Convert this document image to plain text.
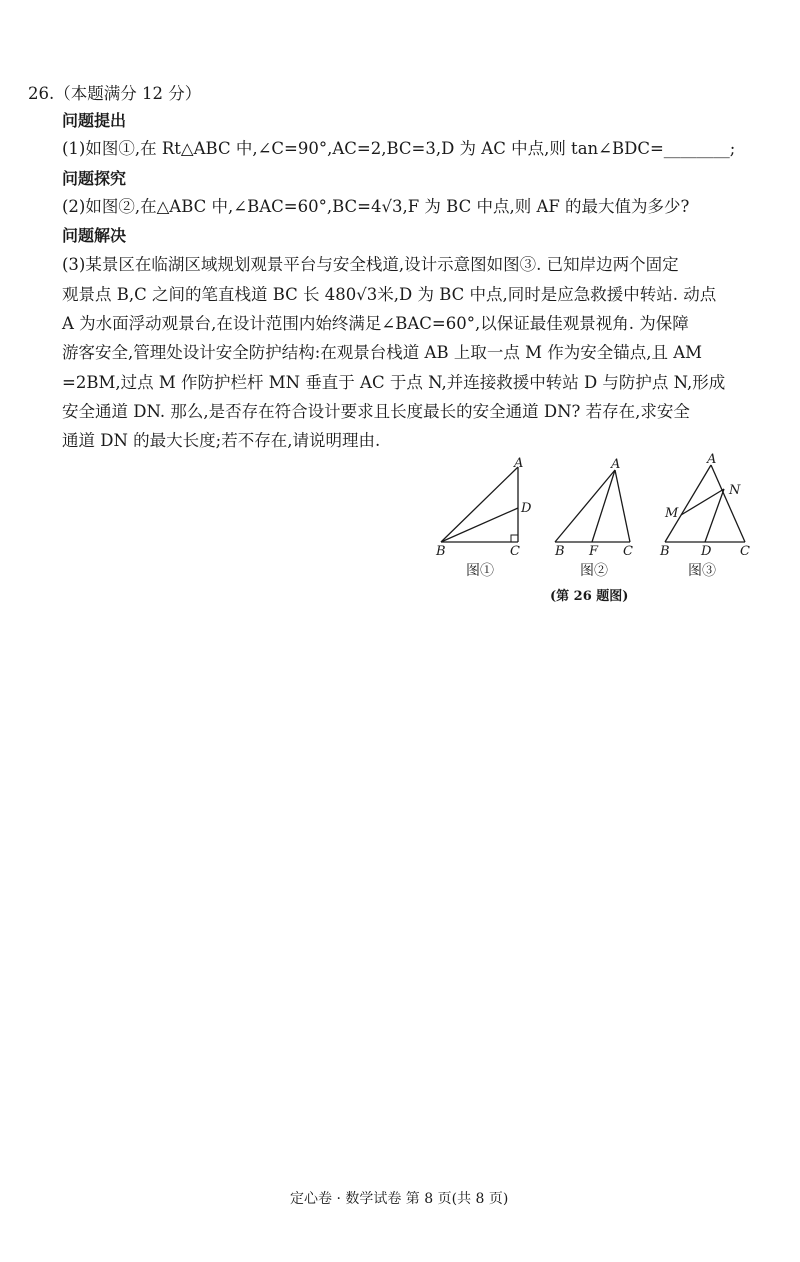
26.（本题满分 12 分）
问题提出
(1)如图①,在 Rt△ABC 中,∠C=90°,AC=2,BC=3,D 为 AC 中点,则 tan∠BDC=________;
问题探究
(2)如图②,在△ABC 中,∠BAC=60°,BC=4√3,F 为 BC 中点,则 AF 的最大值为多少?
问题解决
(3)某景区在临湖区域规划观景平台与安全栈道,设计示意图如图③. 已知岸边两个固定
观景点 B,C 之间的笔直栈道 BC 长 480√3米,D 为 BC 中点,同时是应急救援中转站. 动点
A 为水面浮动观景台,在设计范围内始终满足∠BAC=60°,以保证最佳观景视角. 为保障
游客安全,管理处设计安全防护结构:在观景台栈道 AB 上取一点 M 作为安全锚点,且 AM
=2BM,过点 M 作防护栏杆 MN 垂直于 AC 于点 N,并连接救援中转站 D 与防护点 N,形成
安全通道 DN. 那么,是否存在符合设计要求且长度最长的安全通道 DN? 若存在,求安全
通道 DN 的最大长度;若不存在,请说明理由.
A
D
B	C
图①
A
B F C
图②
A
N
M
B D C
图③
(第 26 题图)
定心卷 · 数学试卷 第 8 页(共 8 页)
